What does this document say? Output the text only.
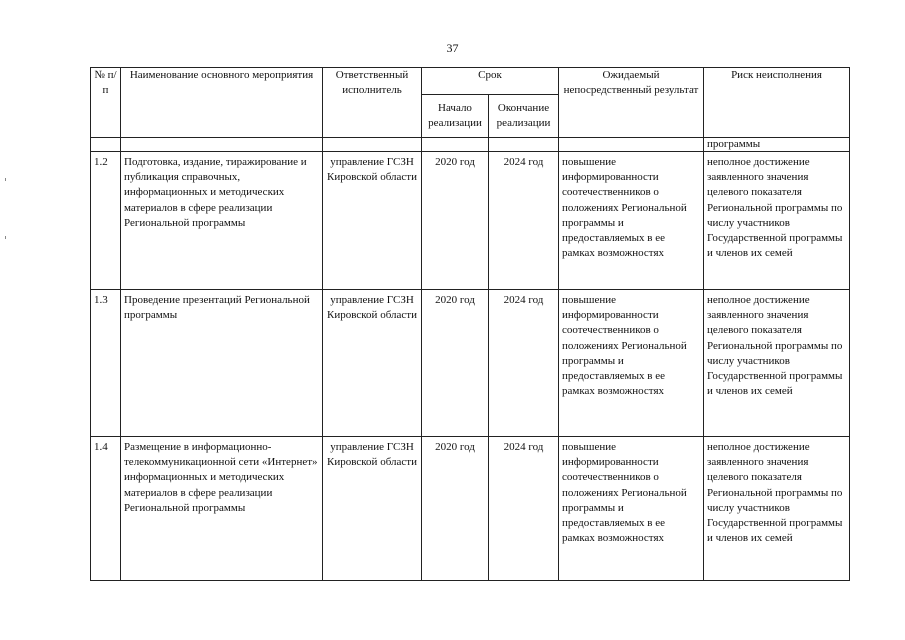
37
№ п/ п	Наименование основного мероприятия	Ответственный исполнитель	Срок		Ожидаемый непосредственный результат	Риск неисполнения
			Начало реализации	Окончание реализации		
						программы
1.2	Подготовка, издание, тиражирование и публикация справочных, информационных и методических материалов в сфере реализации Региональной программы	управление ГСЗН Кировской области	2020 год	2024 год	повышение информированности соотечественников о положениях Региональной программы и предоставляемых в ее рамках возможностях	неполное достижение заявленного значения целевого показателя Региональной программы по числу участников Государственной программы и членов их семей
1.3	Проведение презентаций Региональной программы	управление ГСЗН Кировской области	2020 год	2024 год	повышение информированности соотечественников о положениях Региональной программы и предоставляемых в ее рамках возможностях	неполное достижение заявленного значения целевого показателя Региональной программы по числу участников Государственной программы и членов их семей
1.4	Размещение в информационно-телекоммуникационной сети «Интернет» информационных и методических материалов в сфере реализации Региональной программы	управление ГСЗН Кировской области	2020 год	2024 год	повышение информированности соотечественников о положениях Региональной программы и предоставляемых в ее рамках возможностях	неполное достижение заявленного значения целевого показателя Региональной программы по числу участников Государственной программы и членов их семей
